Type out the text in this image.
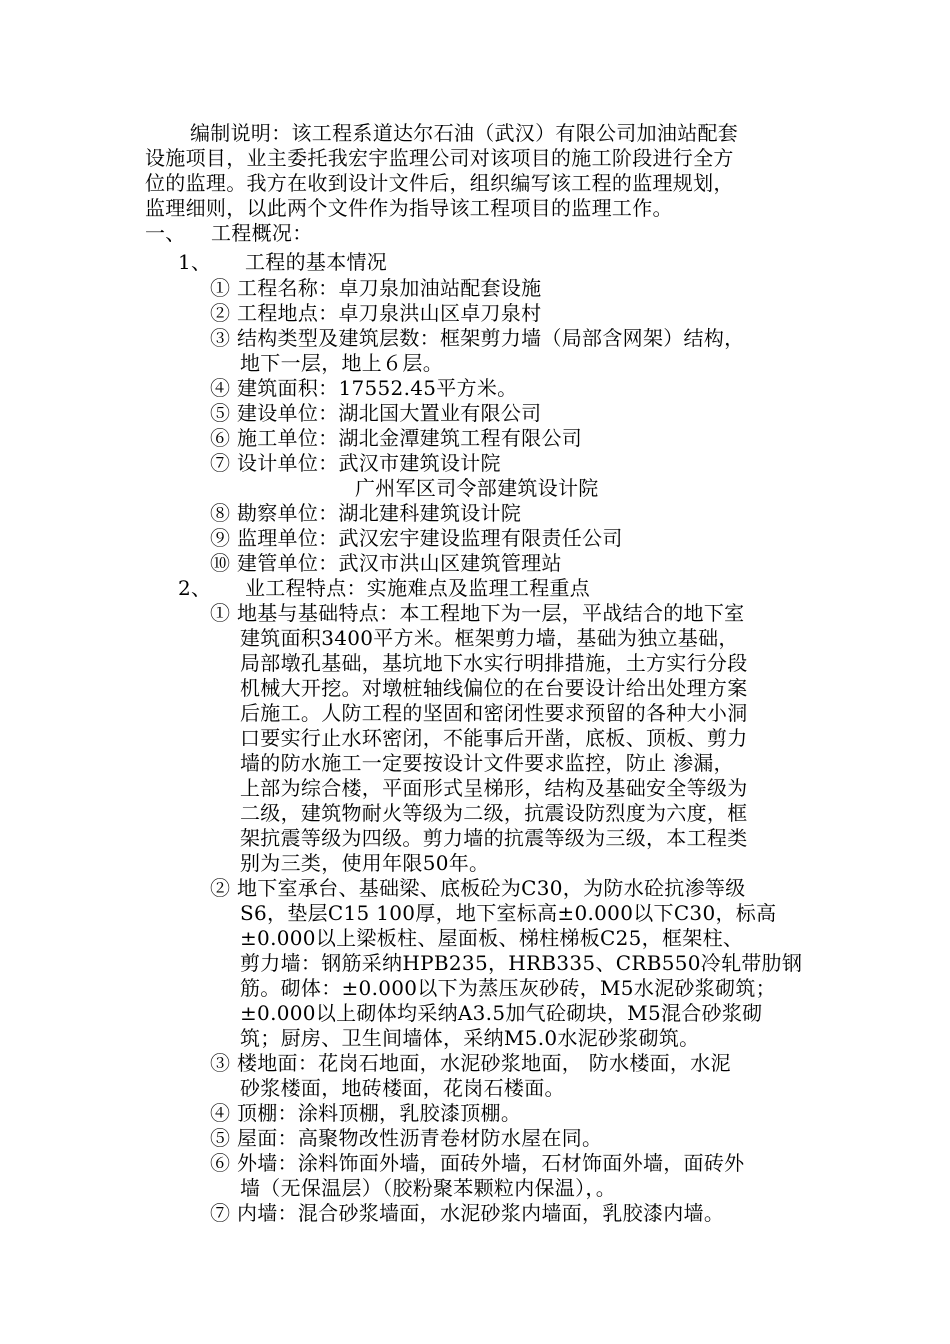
编制说明：该工程系道达尔石油（武汉）有限公司加油站配套
设施项目，业主委托我宏宇监理公司对该项目的施工阶段进行全方
位的监理。我方在收到设计文件后，组织编写该工程的监理规划，
监理细则，以此两个文件作为指导该工程项目的监理工作。
一、 工程概况：
1、 工程的基本情况
① 工程名称：卓刀泉加油站配套设施
② 工程地点：卓刀泉洪山区卓刀泉村
③ 结构类型及建筑层数：框架剪力墙（局部含网架）结构，
地下一层，地上６层。
④ 建筑面积：17552.45平方米。
⑤ 建设单位：湖北国大置业有限公司
⑥ 施工单位：湖北金潭建筑工程有限公司
⑦ 设计单位：武汉市建筑设计院
广州军区司令部建筑设计院
⑧ 勘察单位：湖北建科建筑设计院
⑨ 监理单位：武汉宏宇建设监理有限责任公司
⑩ 建管单位：武汉市洪山区建筑管理站
2、 业工程特点：实施难点及监理工程重点
① 地基与基础特点：本工程地下为一层，平战结合的地下室
建筑面积3400平方米。框架剪力墙，基础为独立基础，
局部墩孔基础，基坑地下水实行明排措施，土方实行分段
机械大开挖。对墩桩轴线偏位的在台要设计给出处理方案
后施工。人防工程的坚固和密闭性要求预留的各种大小洞
口要实行止水环密闭，不能事后开凿，底板、顶板、剪力
墙的防水施工一定要按设计文件要求监控，防止 渗漏，
上部为综合楼，平面形式呈梯形，结构及基础安全等级为
二级，建筑物耐火等级为二级，抗震设防烈度为六度，框
架抗震等级为四级。剪力墙的抗震等级为三级，本工程类
别为三类，使用年限50年。
② 地下室承台、基础梁、底板砼为C30，为防水砼抗渗等级
S6，垫层C15 100厚，地下室标高±0.000以下C30，标高
±0.000以上梁板柱、屋面板、梯柱梯板C25，框架柱、
剪力墙：钢筋采纳HPB235，HRB335、CRB550冷轧带肋钢
筋。砌体：±0.000以下为蒸压灰砂砖，M5水泥砂浆砌筑；
±0.000以上砌体均采纳A3.5加气砼砌块，M5混合砂浆砌
筑；厨房、卫生间墙体，采纳M5.0水泥砂浆砌筑。
③ 楼地面：花岗石地面，水泥砂浆地面， 防水楼面，水泥
砂浆楼面，地砖楼面，花岗石楼面。
④ 顶棚：涂料顶棚，乳胶漆顶棚。
⑤ 屋面：高聚物改性沥青卷材防水屋在同。
⑥ 外墙：涂料饰面外墙，面砖外墙，石材饰面外墙，面砖外
墙（无保温层）（胶粉聚苯颗粒内保温），。
⑦ 内墙：混合砂浆墙面，水泥砂浆内墙面，乳胶漆内墙。
